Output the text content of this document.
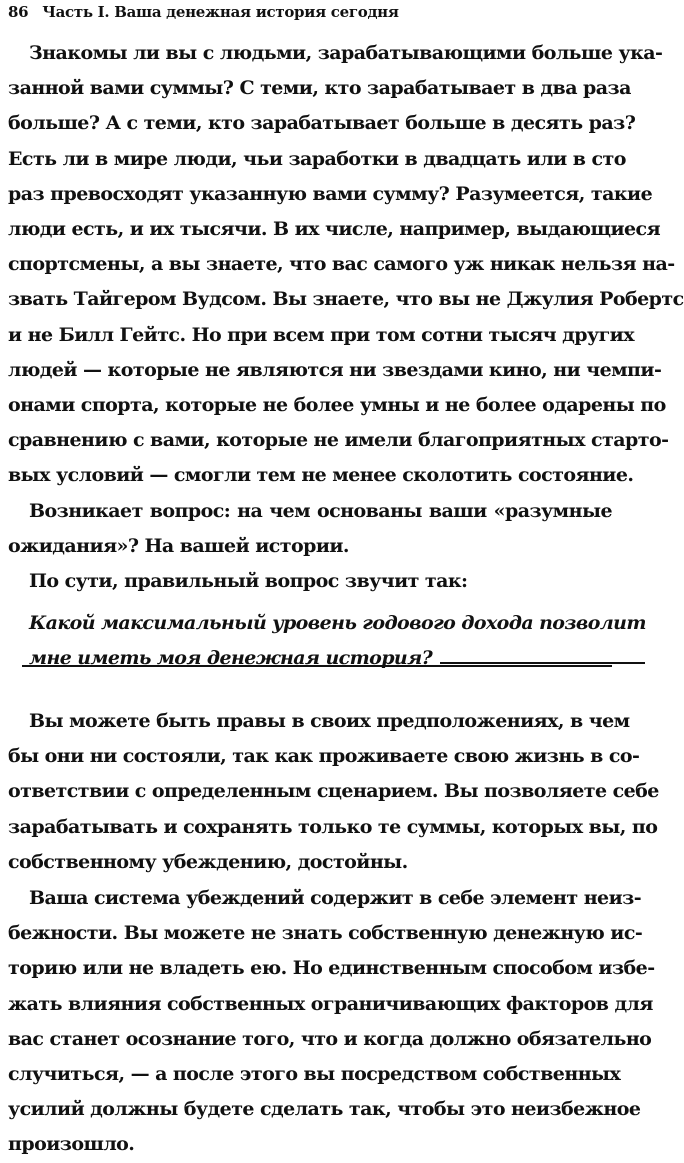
86 Часть I. Ваша денежная история сегодня
Знакомы ли вы с людьми, зарабатывающими больше ука-
занной вами суммы? С теми, кто зарабатывает в два раза
больше? А с теми, кто зарабатывает больше в десять раз?
Есть ли в мире люди, чьи заработки в двадцать или в сто
раз превосходят указанную вами сумму? Разумеется, такие
люди есть, и их тысячи. В их числе, например, выдающиеся
спортсмены, а вы знаете, что вас самого уж никак нельзя на-
звать Тайгером Вудсом. Вы знаете, что вы не Джулия Робертс
и не Билл Гейтс. Но при всем при том сотни тысяч других
людей — которые не являются ни звездами кино, ни чемпи-
онами спорта, которые не более умны и не более одарены по
сравнению с вами, которые не имели благоприятных старто-
вых условий — смогли тем не менее сколотить состояние.
Возникает вопрос: на чем основаны ваши «разумные
ожидания»? На вашей истории.
По сути, правильный вопрос звучит так:
Какой максимальный уровень годового дохода позволит
мне иметь моя денежная история?
Вы можете быть правы в своих предположениях, в чем
бы они ни состояли, так как проживаете свою жизнь в со-
ответствии с определенным сценарием. Вы позволяете себе
зарабатывать и сохранять только те суммы, которых вы, по
собственному убеждению, достойны.
Ваша система убеждений содержит в себе элемент неиз-
бежности. Вы можете не знать собственную денежную ис-
торию или не владеть ею. Но единственным способом избе-
жать влияния собственных ограничивающих факторов для
вас станет осознание того, что и когда должно обязательно
случиться, — а после этого вы посредством собственных
усилий должны будете сделать так, чтобы это неизбежное
произошло.
